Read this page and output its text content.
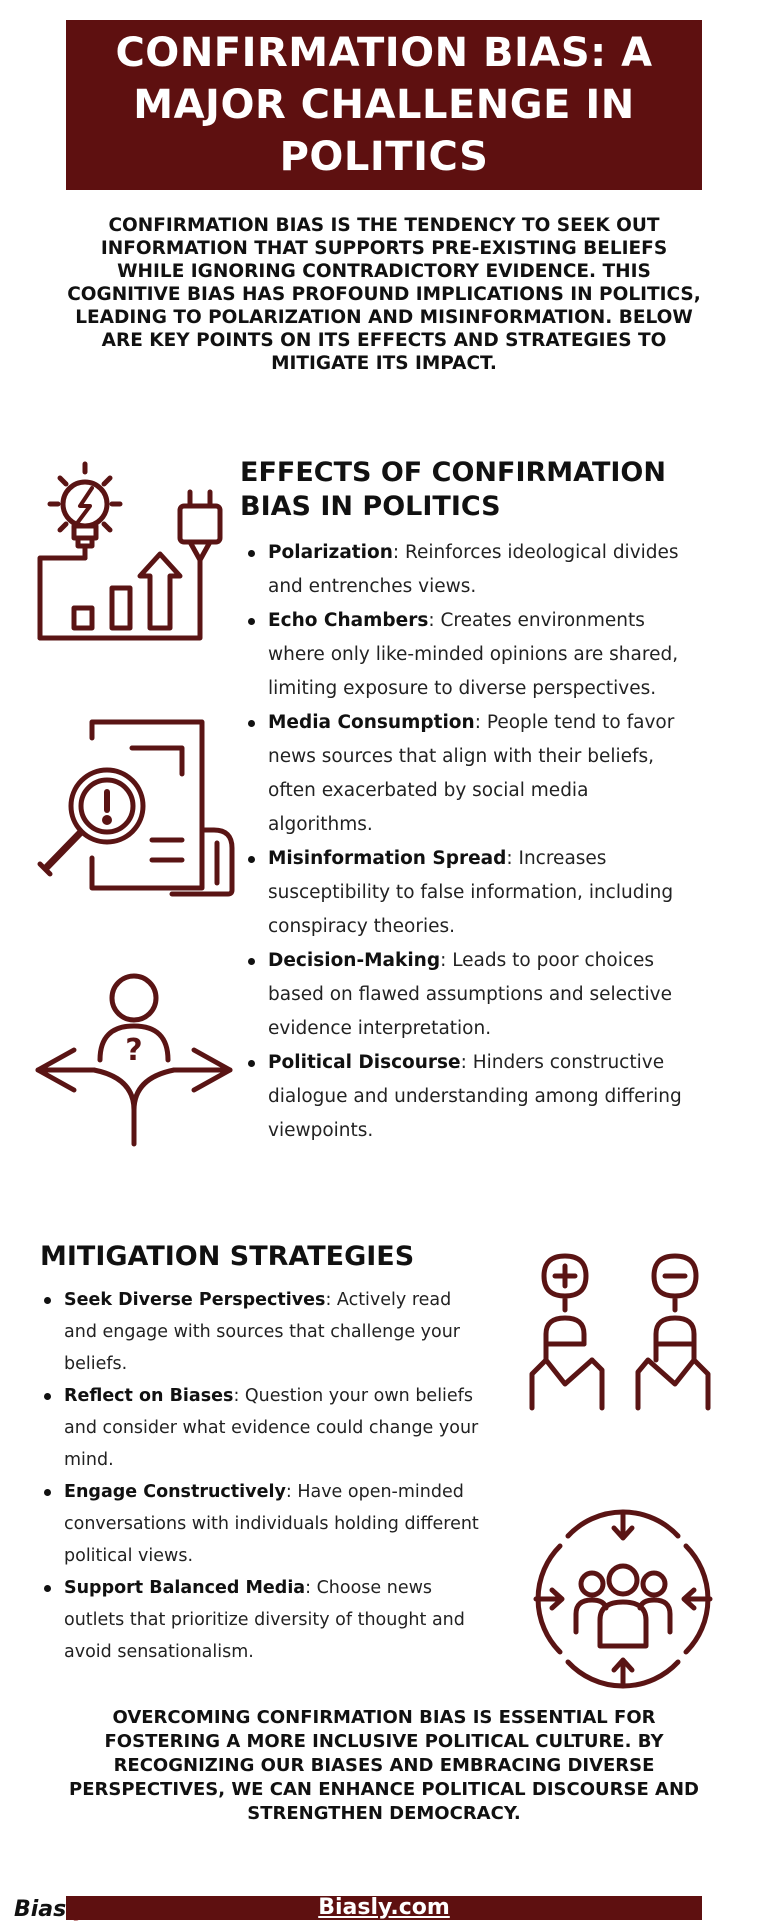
CONFIRMATION BIAS: A MAJOR CHALLENGE IN POLITICS

CONFIRMATION BIAS IS THE TENDENCY TO SEEK OUT INFORMATION THAT SUPPORTS PRE-EXISTING BELIEFS WHILE IGNORING CONTRADICTORY EVIDENCE. THIS COGNITIVE BIAS HAS PROFOUND IMPLICATIONS IN POLITICS, LEADING TO POLARIZATION AND MISINFORMATION. BELOW ARE KEY POINTS ON ITS EFFECTS AND STRATEGIES TO MITIGATE ITS IMPACT.

EFFECTS OF CONFIRMATION BIAS IN POLITICS
Polarization: Reinforces ideological divides and entrenches views.
Echo Chambers: Creates environments where only like-minded opinions are shared, limiting exposure to diverse perspectives.
Media Consumption: People tend to favor news sources that align with their beliefs, often exacerbated by social media algorithms.
Misinformation Spread: Increases susceptibility to false information, including conspiracy theories.
Decision-Making: Leads to poor choices based on flawed assumptions and selective evidence interpretation.
Political Discourse: Hinders constructive dialogue and understanding among differing viewpoints.
?
MITIGATION STRATEGIES
Seek Diverse Perspectives: Actively read and engage with sources that challenge your beliefs.
Reflect on Biases: Question your own beliefs and consider what evidence could change your mind.
Engage Constructively: Have open-minded conversations with individuals holding different political views.
Support Balanced Media: Choose news outlets that prioritize diversity of thought and avoid sensationalism.

OVERCOMING CONFIRMATION BIAS IS ESSENTIAL FOR FOSTERING A MORE INCLUSIVE POLITICAL CULTURE. BY RECOGNIZING OUR BIASES AND EMBRACING DIVERSE PERSPECTIVES, WE CAN ENHANCE POLITICAL DISCOURSE AND STRENGTHEN DEMOCRACY.

Bias	Biasly.com
